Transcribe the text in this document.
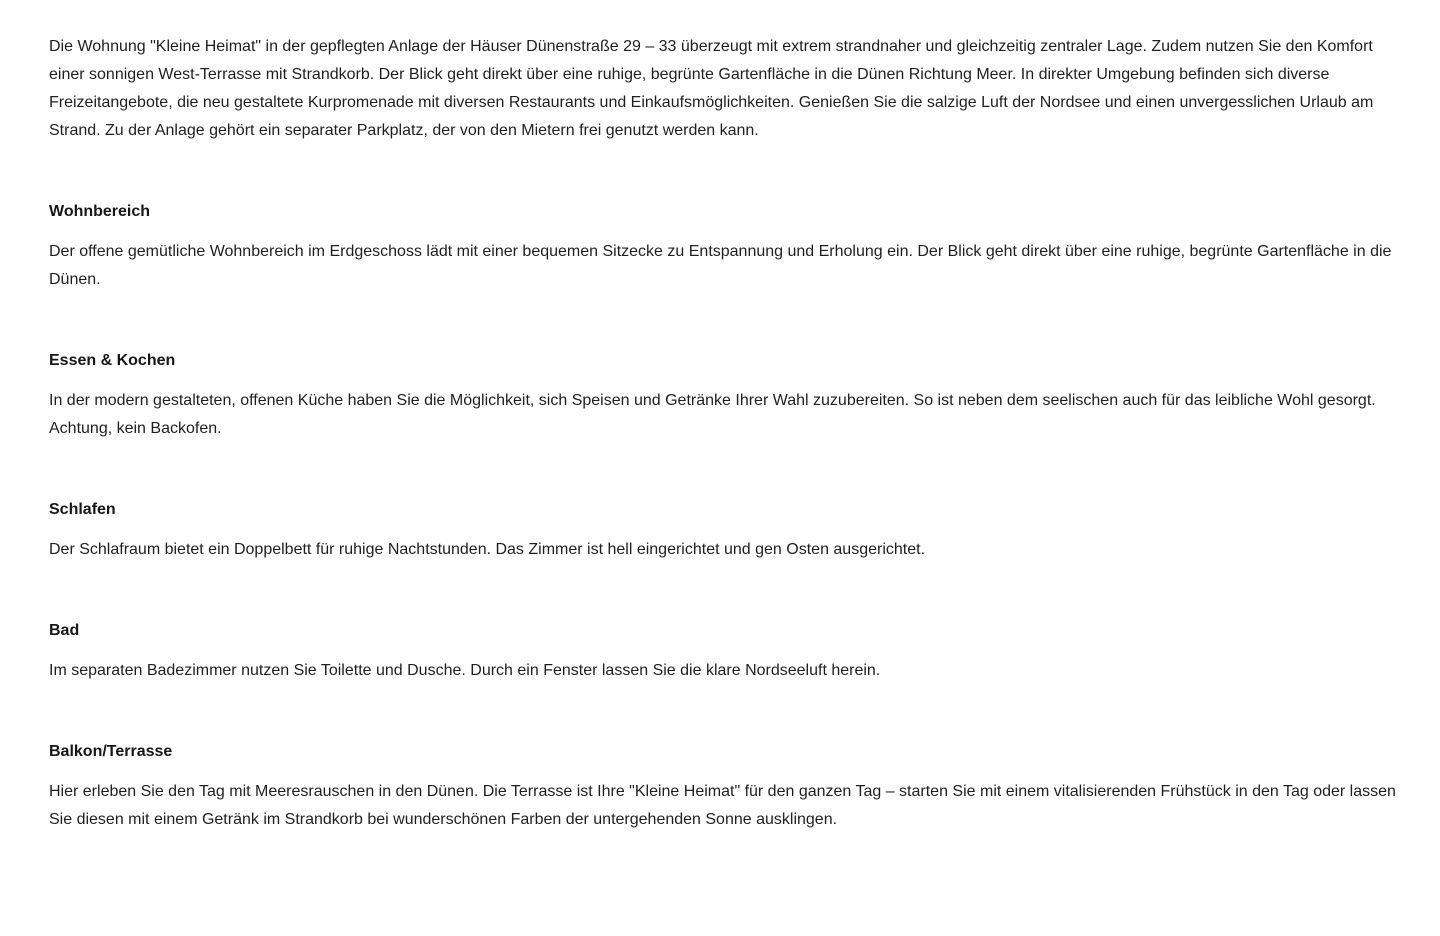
Die Wohnung "Kleine Heimat" in der gepflegten Anlage der Häuser Dünenstraße 29 – 33 überzeugt mit extrem strandnaher und gleichzeitig zentraler Lage. Zudem nutzen Sie den Komfort einer sonnigen West-Terrasse mit Strandkorb. Der Blick geht direkt über eine ruhige, begrünte Gartenfläche in die Dünen Richtung Meer. In direkter Umgebung befinden sich diverse Freizeitangebote, die neu gestaltete Kurpromenade mit diversen Restaurants und Einkaufsmöglichkeiten. Genießen Sie die salzige Luft der Nordsee und einen unvergesslichen Urlaub am Strand. Zu der Anlage gehört ein separater Parkplatz, der von den Mietern frei genutzt werden kann.

Wohnbereich

Der offene gemütliche Wohnbereich im Erdgeschoss lädt mit einer bequemen Sitzecke zu Entspannung und Erholung ein. Der Blick geht direkt über eine ruhige, begrünte Gartenfläche in die Dünen.

Essen & Kochen

In der modern gestalteten, offenen Küche haben Sie die Möglichkeit, sich Speisen und Getränke Ihrer Wahl zuzubereiten. So ist neben dem seelischen auch für das leibliche Wohl gesorgt. Achtung, kein Backofen.

Schlafen

Der Schlafraum bietet ein Doppelbett für ruhige Nachtstunden. Das Zimmer ist hell eingerichtet und gen Osten ausgerichtet.

Bad

Im separaten Badezimmer nutzen Sie Toilette und Dusche. Durch ein Fenster lassen Sie die klare Nordseeluft herein.

Balkon/Terrasse

Hier erleben Sie den Tag mit Meeresrauschen in den Dünen. Die Terrasse ist Ihre "Kleine Heimat" für den ganzen Tag – starten Sie mit einem vitalisierenden Frühstück in den Tag oder lassen Sie diesen mit einem Getränk im Strandkorb bei wunderschönen Farben der untergehenden Sonne ausklingen.
